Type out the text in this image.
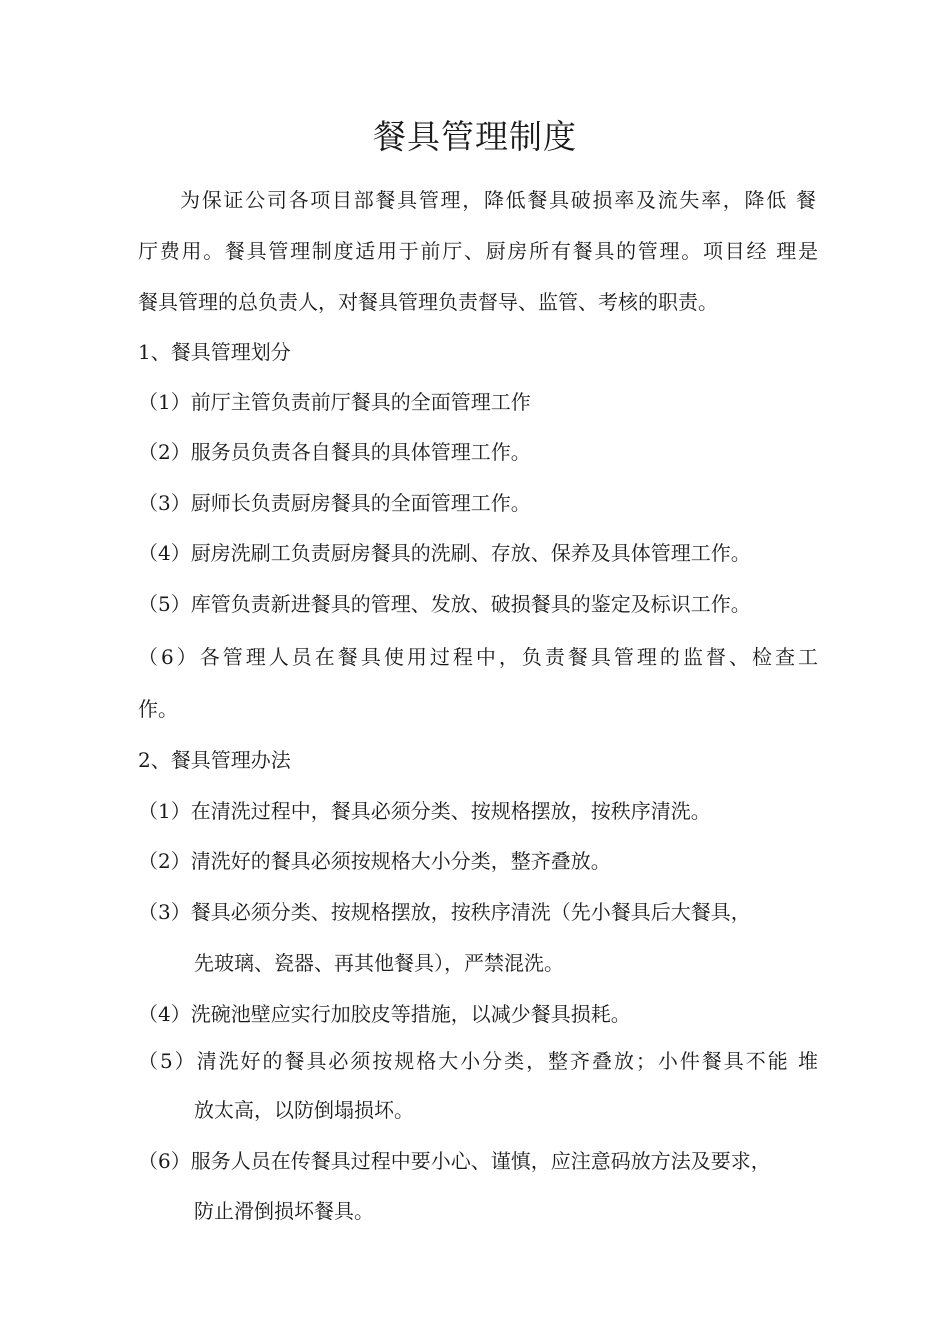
餐具管理制度
为保证公司各项目部餐具管理，降低餐具破损率及流失率，降低 餐
厅费用。餐具管理制度适用于前厅、厨房所有餐具的管理。项目经 理是
餐具管理的总负责人，对餐具管理负责督导、监管、考核的职责。
1、餐具管理划分
（1）前厅主管负责前厅餐具的全面管理工作
（2）服务员负责各自餐具的具体管理工作。
（3）厨师长负责厨房餐具的全面管理工作。
（4）厨房洗刷工负责厨房餐具的洗刷、存放、保养及具体管理工作。
（5）库管负责新进餐具的管理、发放、破损餐具的鉴定及标识工作。
（6）各管理人员在餐具使用过程中，负责餐具管理的监督、检查工
作。
2、餐具管理办法
（1）在清洗过程中，餐具必须分类、按规格摆放，按秩序清洗。
（2）清洗好的餐具必须按规格大小分类，整齐叠放。
（3）餐具必须分类、按规格摆放，按秩序清洗（先小餐具后大餐具，
先玻璃、瓷器、再其他餐具），严禁混洗。
（4）洗碗池壁应实行加胶皮等措施，以减少餐具损耗。
（5）清洗好的餐具必须按规格大小分类，整齐叠放；小件餐具不能 堆
放太高，以防倒塌损坏。
（6）服务人员在传餐具过程中要小心、谨慎，应注意码放方法及要求，
防止滑倒损坏餐具。
